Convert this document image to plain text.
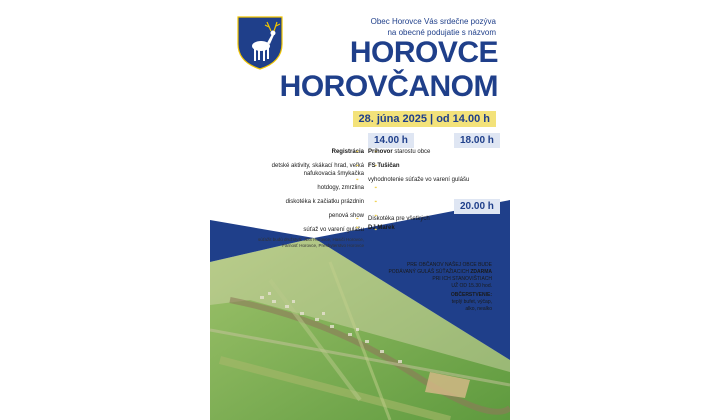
Obec Horovce Vás srdečne pozýva
na obecné podujatie s názvom
HOROVCE
HOROVČANOM
28. júna 2025 | od 14.00 h
14.00 h	18.00 h
20.00 h
Registrácia ▪▪
detské aktivity, skákací hrad, veľká nafukovacia šmykačka ▪▪
hotdogy, zmrzlina ▪▪
diskotéka k začiatku prázdnin ▪▪
penová show ▪▪
súťaž vo varení gulášu ▪▪
súťažit budú družstvá: JDS Horovce, Hasiči Horovce, Farnosť Horovce, Presbyterstvo Horovce
▪▪ Príhovor starostu obce
▪▪ FS Tušičan
▪▪ vyhodnotenie súťaže vo varení gulášu
▪▪ Diskotéka pre všetkých
▪▪ DJ Marek
PRE OBČANOV NAŠEJ OBCE BUDE
PODÁVANÝ GULÁŠ SÚŤAŽIACICH ZDARMA
PRI ICH STANOVIŠTIACH
UŽ OD 15.30 hod.
OBČERSTVENIE:
teplý bufet, výčap,
alko, nealko
